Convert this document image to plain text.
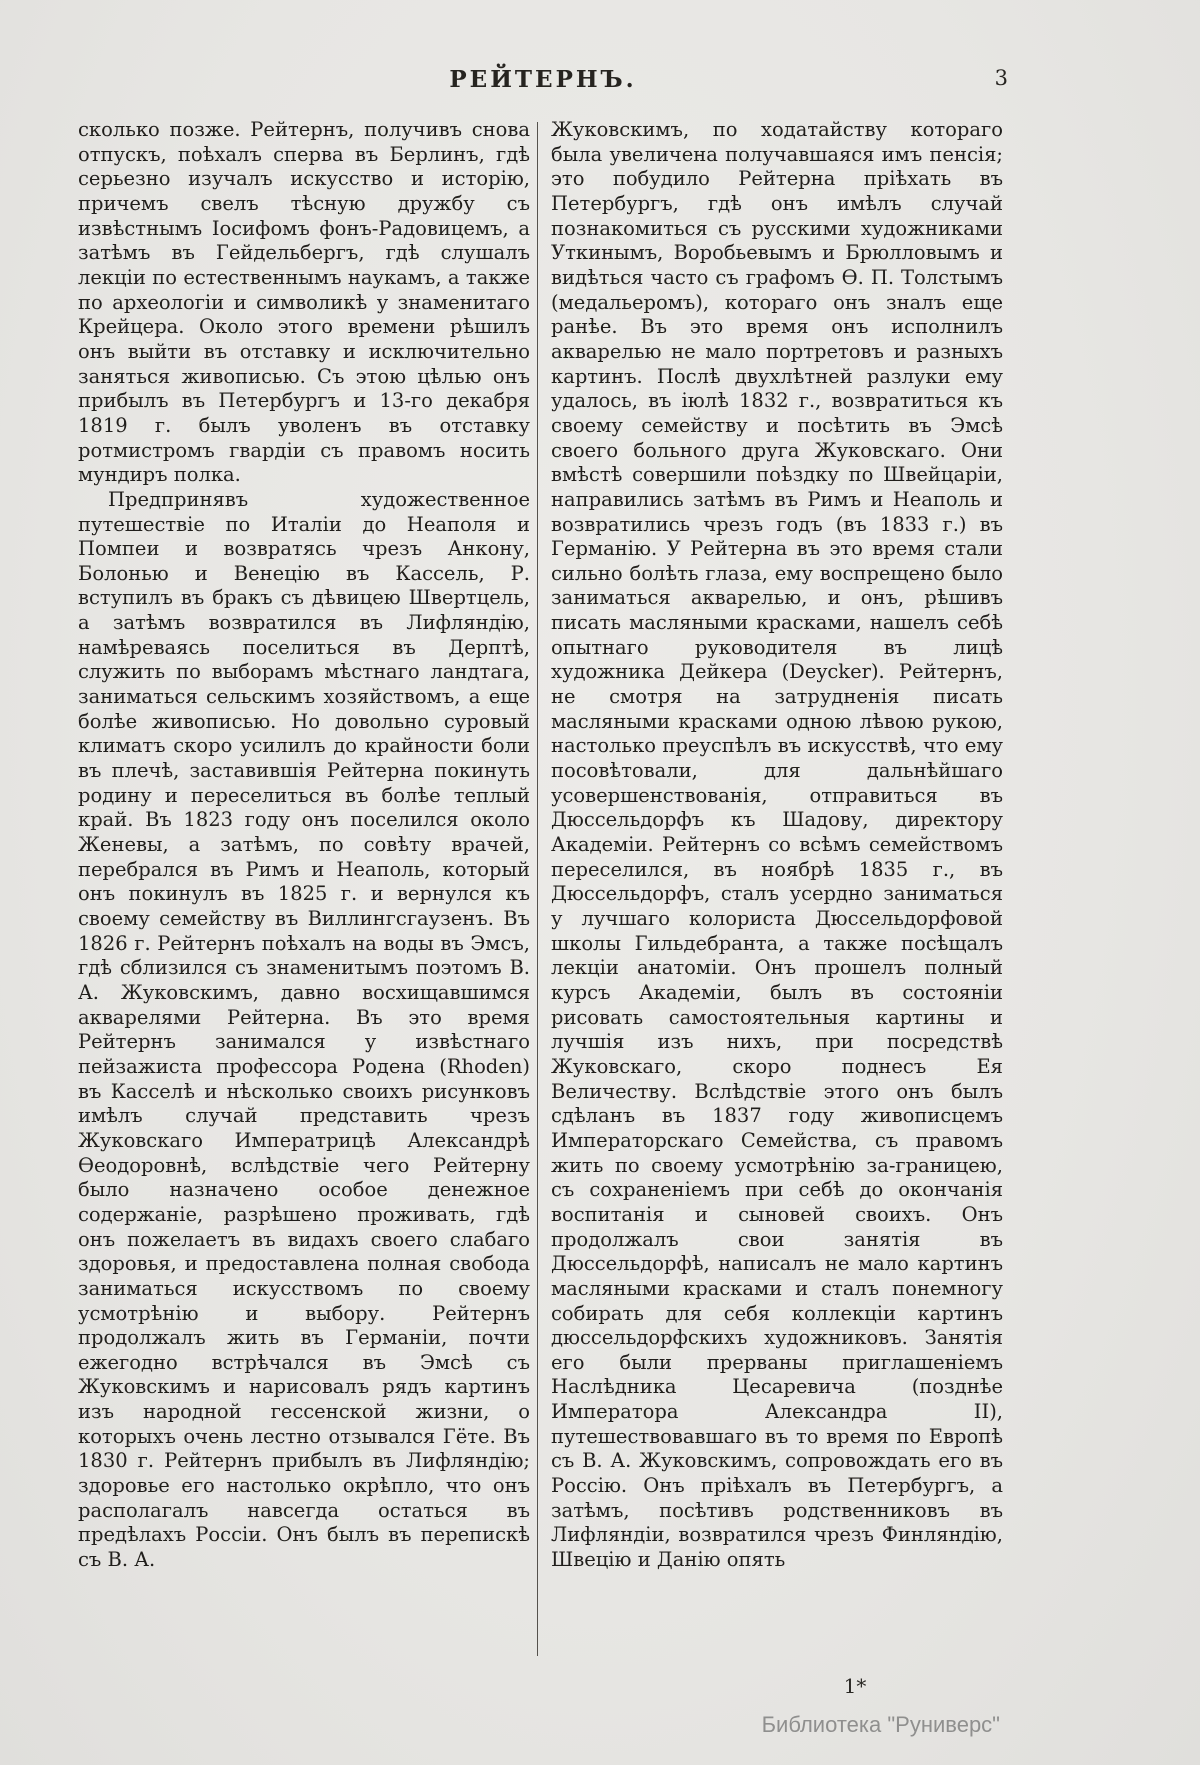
РЕЙТЕРНЪ.	3

сколько позже. Рейтернъ, получивъ снова отпускъ, поѣхалъ сперва въ Берлинъ, гдѣ серьезно изучалъ искусство и исторію, причемъ свелъ тѣсную дружбу съ извѣстнымъ Іосифомъ фонъ-Радовицемъ, а затѣмъ въ Гейдельбергъ, гдѣ слушалъ лекціи по естественнымъ наукамъ, а также по археологіи и символикѣ у знаменитаго Крейцера. Около этого времени рѣшилъ онъ выйти въ отставку и исключительно заняться живописью. Съ этою цѣлью онъ прибылъ въ Петербургъ и 13-го декабря 1819 г. былъ уволенъ въ отставку ротмистромъ гвардіи съ правомъ носить мундиръ полка.

Предпринявъ художественное путешествіе по Италіи до Неаполя и Помпеи и возвратясь чрезъ Анкону, Болонью и Венецію въ Кассель, Р. вступилъ въ бракъ съ дѣвицею Швертцель, а затѣмъ возвратился въ Лифляндію, намѣреваясь поселиться въ Дерптѣ, служить по выборамъ мѣстнаго ландтага, заниматься сельскимъ хозяйствомъ, а еще болѣе живописью. Но довольно суровый климатъ скоро усилилъ до крайности боли въ плечѣ, заставившія Рейтерна покинуть родину и переселиться въ болѣе теплый край. Въ 1823 году онъ поселился около Женевы, а затѣмъ, по совѣту врачей, перебрался въ Римъ и Неаполь, который онъ покинулъ въ 1825 г. и вернулся къ своему семейству въ Виллингсгаузенъ. Въ 1826 г. Рейтернъ поѣхалъ на воды въ Эмсъ, гдѣ сблизился съ знаменитымъ поэтомъ В. А. Жуковскимъ, давно восхищавшимся акварелями Рейтерна. Въ это время Рейтернъ занимался у извѣстнаго пейзажиста профессора Родена (Rhoden) въ Касселѣ и нѣсколько своихъ рисунковъ имѣлъ случай представить чрезъ Жуковскаго Императрицѣ Александрѣ Ѳеодоровнѣ, вслѣдствіе чего Рейтерну было назначено особое денежное содержаніе, разрѣшено проживать, гдѣ онъ пожелаетъ въ видахъ своего слабаго здоровья, и предоставлена полная свобода заниматься искусствомъ по своему усмотрѣнію и выбору. Рейтернъ продолжалъ жить въ Германіи, почти ежегодно встрѣчался въ Эмсѣ съ Жуковскимъ и нарисовалъ рядъ картинъ изъ народной гессенской жизни, о которыхъ очень лестно отзывался Гёте. Въ 1830 г. Рейтернъ прибылъ въ Лифляндію; здоровье его настолько окрѣпло, что онъ располагалъ навсегда остаться въ предѣлахъ Россіи. Онъ былъ въ перепискѣ съ В. А.

Жуковскимъ, по ходатайству котораго была увеличена получавшаяся имъ пенсія; это побудило Рейтерна пріѣхать въ Петербургъ, гдѣ онъ имѣлъ случай познакомиться съ русскими художниками Уткинымъ, Воробьевымъ и Брюлловымъ и видѣться часто съ графомъ Ѳ. П. Толстымъ (медальеромъ), котораго онъ зналъ еще ранѣе. Въ это время онъ исполнилъ акварелью не мало портретовъ и разныхъ картинъ. Послѣ двухлѣтней разлуки ему удалось, въ іюлѣ 1832 г., возвратиться къ своему семейству и посѣтить въ Эмсѣ своего больного друга Жуковскаго. Они вмѣстѣ совершили поѣздку по Швейцаріи, направились затѣмъ въ Римъ и Неаполь и возвратились чрезъ годъ (въ 1833 г.) въ Германію. У Рейтерна въ это время стали сильно болѣть глаза, ему воспрещено было заниматься акварелью, и онъ, рѣшивъ писать масляными красками, нашелъ себѣ опытнаго руководителя въ лицѣ художника Дейкера (Deycker). Рейтернъ, не смотря на затрудненія писать масляными красками одною лѣвою рукою, настолько преуспѣлъ въ искусствѣ, что ему посовѣтовали, для дальнѣйшаго усовершенствованія, отправиться въ Дюссельдорфъ къ Шадову, директору Академіи. Рейтернъ со всѣмъ семействомъ переселился, въ ноябрѣ 1835 г., въ Дюссельдорфъ, сталъ усердно заниматься у лучшаго колориста Дюссельдорфовой школы Гильдебранта, а также посѣщалъ лекціи анатоміи. Онъ прошелъ полный курсъ Академіи, былъ въ состояніи рисовать самостоятельныя картины и лучшія изъ нихъ, при посредствѣ Жуковскаго, скоро поднесъ Ея Величеству. Вслѣдствіе этого онъ былъ сдѣланъ въ 1837 году живописцемъ Императорскаго Семейства, съ правомъ жить по своему усмотрѣнію за-границею, съ сохраненіемъ при себѣ до окончанія воспитанія и сыновей своихъ. Онъ продолжалъ свои занятія въ Дюссельдорфѣ, написалъ не мало картинъ масляными красками и сталъ понемногу собирать для себя коллекціи картинъ дюссельдорфскихъ художниковъ. Занятія его были прерваны приглашеніемъ Наслѣдника Цесаревича (позднѣе Императора Александра II), путешествовавшаго въ то время по Европѣ съ В. А. Жуковскимъ, сопровождать его въ Россію. Онъ пріѣхалъ въ Петербургъ, а затѣмъ, посѣтивъ родственниковъ въ Лифляндіи, возвратился чрезъ Финляндію, Швецію и Данію опять

1*
Библиотека "Руниверс"
